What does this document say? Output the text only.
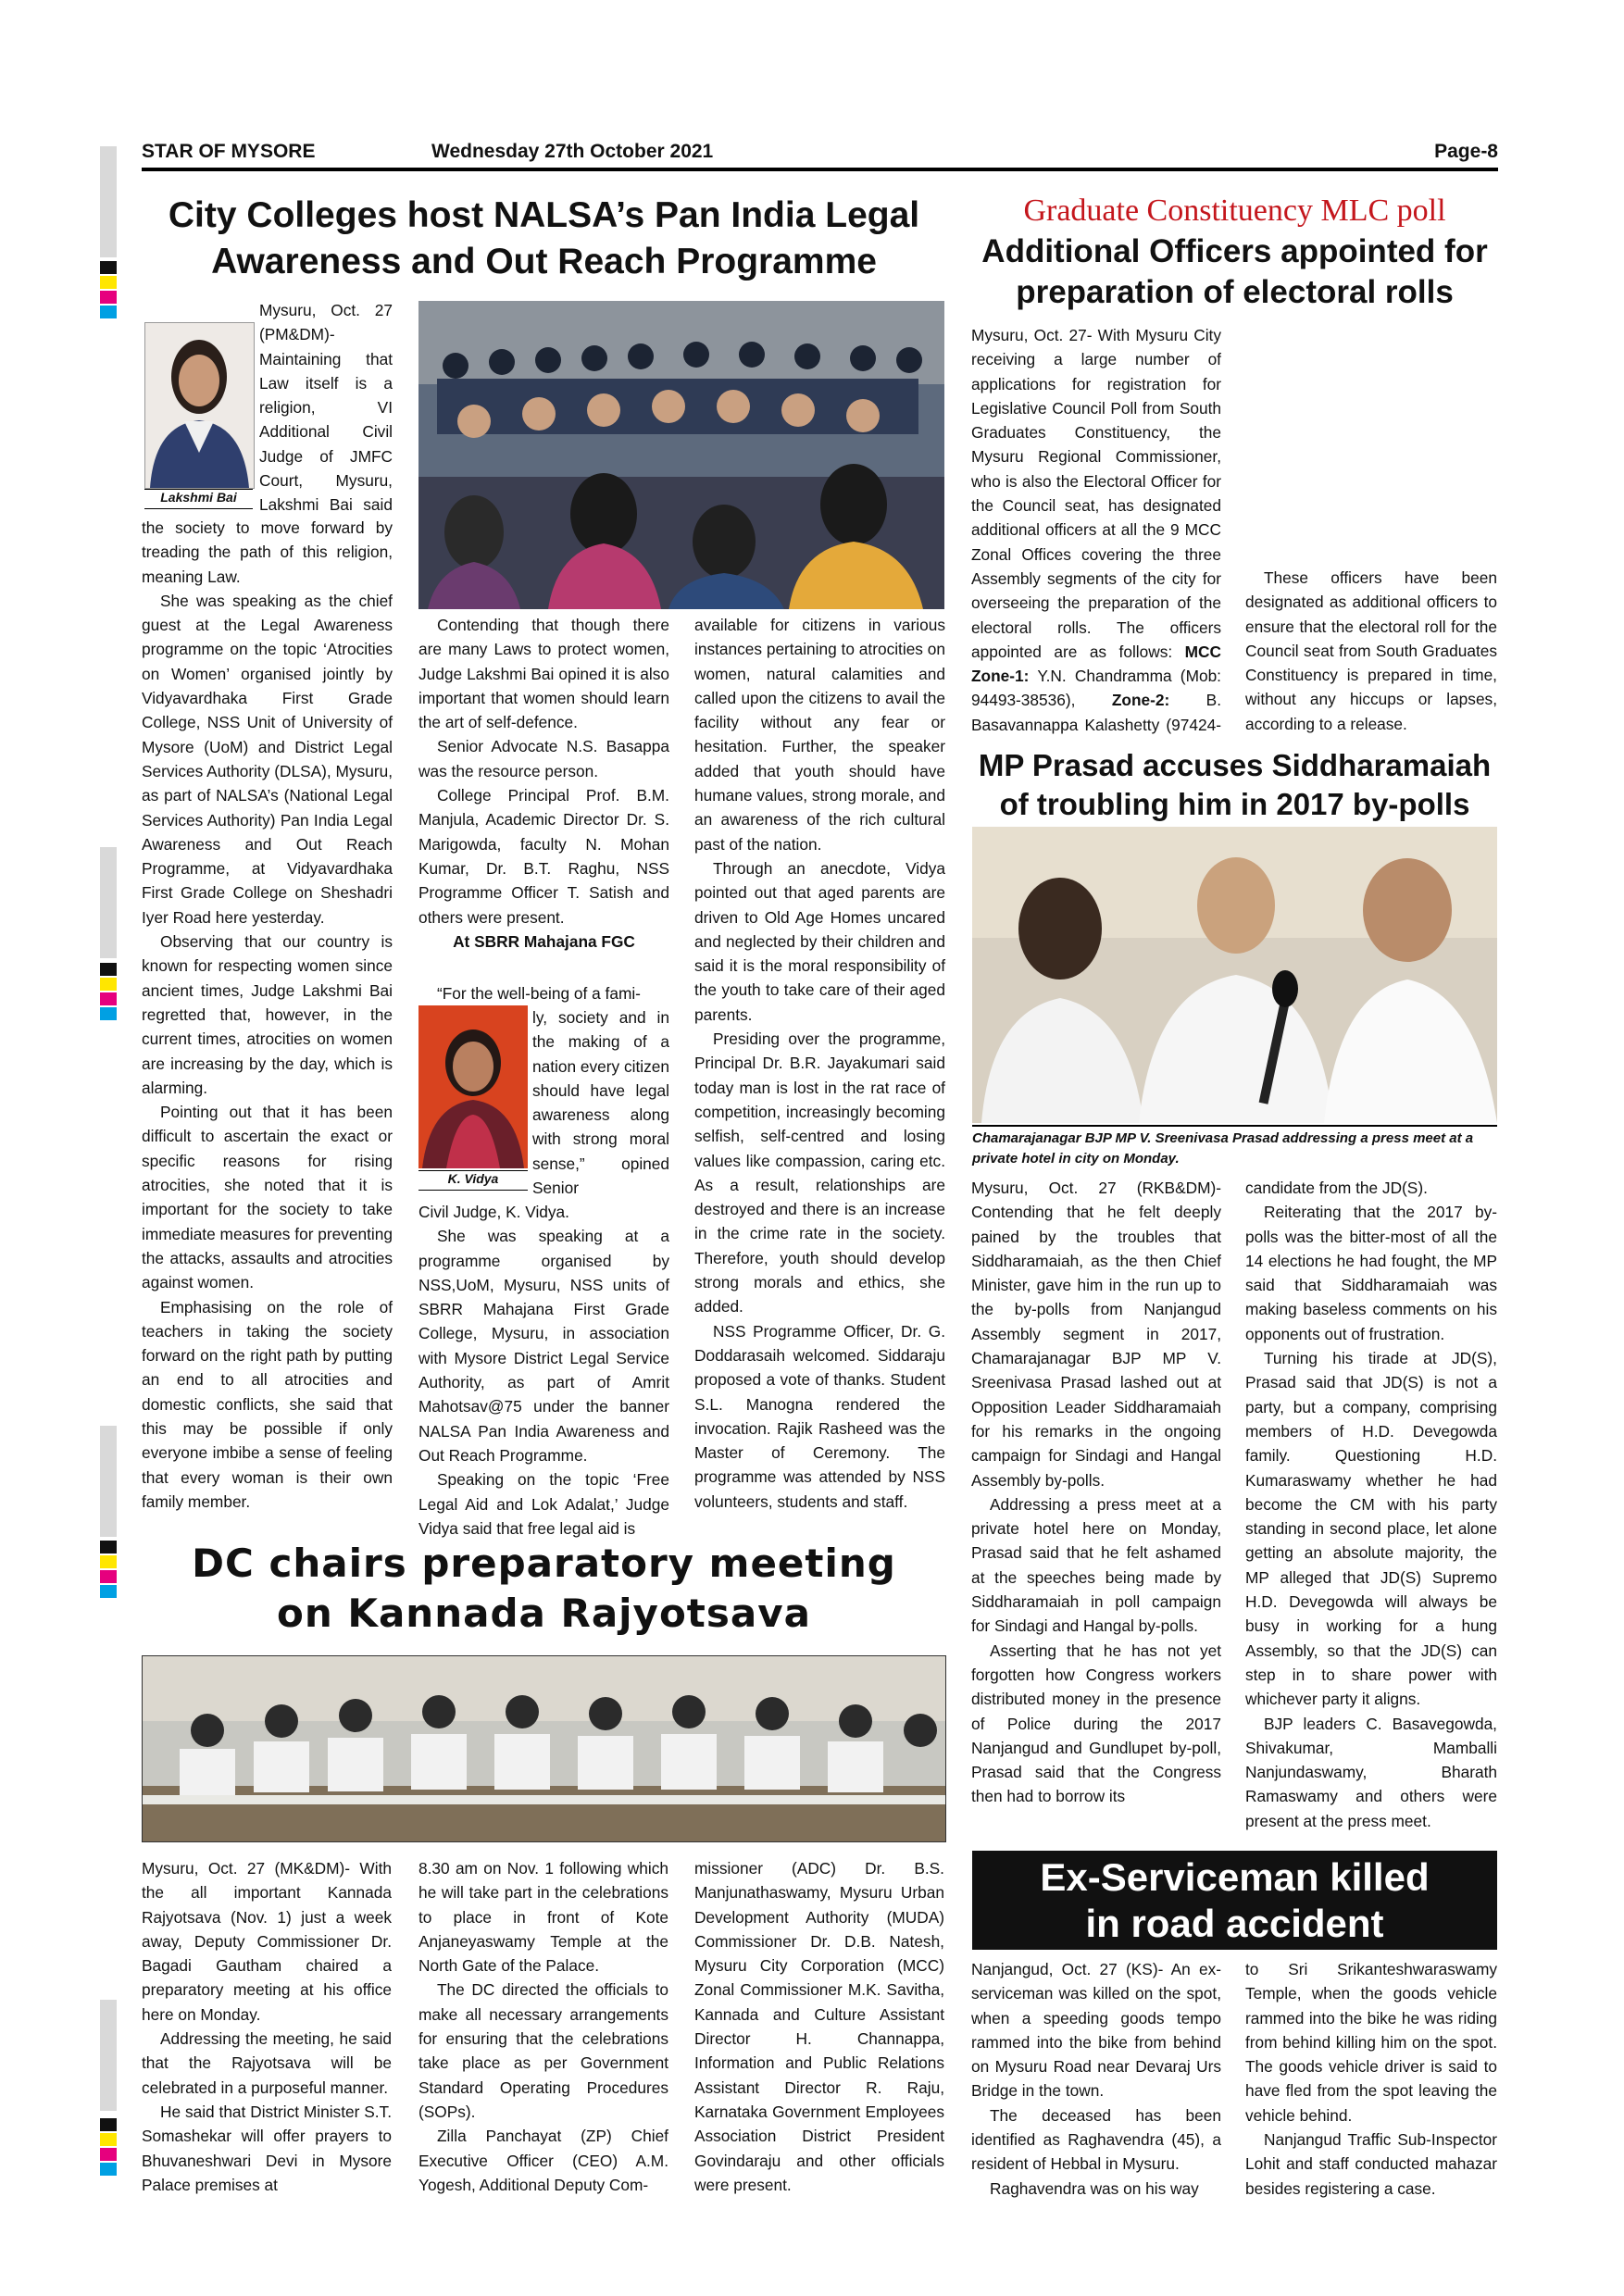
STAR OF MYSORE	Wednesday 27th October 2021	Page-8
City Colleges host NALSA’s Pan India Legal
Awareness and Out Reach Programme
Lakshmi Bai

Mysuru, Oct. 27 (PM&DM)- Maintaining that Law itself is a religion, VI Additional Civil Judge of JMFC Court, Mysuru, Lakshmi Bai said

the society to move forward by treading the path of this religion, meaning Law.

She was speaking as the chief guest at the Legal Awareness programme on the topic ‘Atrocities on Women’ organised jointly by Vidyavardhaka First Grade College, NSS Unit of University of Mysore (UoM) and District Legal Services Authority (DLSA), Mysuru, as part of NALSA’s (National Legal Services Authority) Pan India Legal Awareness and Out Reach Programme, at Vidyavardhaka First Grade College on Sheshadri Iyer Road here yesterday.

Observing that our country is known for respecting women since ancient times, Judge Lakshmi Bai regretted that, however, in the current times, atrocities on women are increasing by the day, which is alarming.

Pointing out that it has been difficult to ascertain the exact or specific reasons for rising atrocities, she noted that it is important for the society to take immediate measures for preventing the attacks, assaults and atrocities against women.

Emphasising on the role of teachers in taking the society forward on the right path by putting an end to all atrocities and domestic conflicts, she said that this may be possible if only everyone imbibe a sense of feeling that every woman is their own family member.

Contending that though there are many Laws to protect women, Judge Lakshmi Bai opined it is also important that women should learn the art of self-defence.

Senior Advocate N.S. Basappa was the resource person.

College Principal Prof. B.M. Manjula, Academic Director Dr. S. Marigowda, faculty N. Mohan Kumar, Dr. B.T. Raghu, NSS Programme Officer T. Satish and others were present.

At SBRR Mahajana FGC

K. Vidya

ly, society and in the making of a nation every citizen should have legal awareness along with strong moral sense,” opined Senior

Civil Judge, K. Vidya.

She was speaking at a programme organised by NSS,UoM, Mysuru, NSS units of SBRR Mahajana First Grade College, Mysuru, in association with Mysore District Legal Service Authority, as part of Amrit Mahotsav@75 under the banner NALSA Pan India Awareness and Out Reach Programme.

Speaking on the topic ‘Free Legal Aid and Lok Adalat,’ Judge Vidya said that free legal aid is

“For the well-being of a fami-

available for citizens in various instances pertaining to atrocities on women, natural calamities and called upon the citizens to avail the facility without any fear or hesitation. Further, the speaker added that youth should have humane values, strong morale, and an awareness of the rich cultural past of the nation.

Through an anecdote, Vidya pointed out that aged parents are driven to Old Age Homes uncared and neglected by their children and said it is the moral responsibility of the youth to take care of their aged parents.

Presiding over the programme, Principal Dr. B.R. Jayakumari said today man is lost in the rat race of competition, increasingly becoming selfish, self-centred and losing values like compassion, caring etc. As a result, relationships are destroyed and there is an increase in the crime rate in the society. Therefore, youth should develop strong morals and ethics, she added.

NSS Programme Officer, Dr. G. Doddarasaih welcomed. Siddaraju proposed a vote of thanks. Student S.L. Manogna rendered the invocation. Rajik Rasheed was the Master of Ceremony. The programme was attended by NSS volunteers, students and staff.

Graduate Constituency MLC poll
Additional Officers appointed for
preparation of electoral rolls

Mysuru, Oct. 27- With Mysuru City receiving a large number of applications for registration for Legislative Council Poll from South Graduates Constituency, the Mysuru Regional Commissioner, who is also the Electoral Officer for the Council seat, has designated additional officers at all the 9 MCC Zonal Offices covering the three Assembly segments of the city for overseeing the preparation of the electoral rolls. The officers appointed are as follows: MCC Zone-1: Y.N. Chandramma (Mob: 94493-38536), Zone-2: B. Basavannappa Kalashetty (97424-

These officers have been designated as additional officers to ensure that the electoral roll for the Council seat from South Graduates Constituency is prepared in time, without any hiccups or lapses, according to a release.

MP Prasad accuses Siddharamaiah
of troubling him in 2017 by-polls
Chamarajanagar BJP MP V. Sreenivasa Prasad addressing a press meet at a private hotel in city on Monday.

Mysuru, Oct. 27 (RKB&DM)- Contending that he felt deeply pained by the troubles that Siddharamaiah, as the then Chief Minister, gave him in the run up to the by-polls from Nanjangud Assembly segment in 2017, Chamarajanagar BJP MP V. Sreenivasa Prasad lashed out at Opposition Leader Siddharamaiah for his remarks in the ongoing campaign for Sindagi and Hangal Assembly by-polls.

Addressing a press meet at a private hotel here on Monday, Prasad said that he felt ashamed at the speeches being made by Siddharamaiah in poll campaign for Sindagi and Hangal by-polls.

Asserting that he has not yet forgotten how Congress workers distributed money in the presence of Police during the 2017 Nanjangud and Gundlupet by-poll, Prasad said that the Congress then had to borrow its

candidate from the JD(S).

Reiterating that the 2017 by-polls was the bitter-most of all the 14 elections he had fought, the MP said that Siddharamaiah was making baseless comments on his opponents out of frustration.

Turning his tirade at JD(S), Prasad said that JD(S) is not a party, but a company, comprising members of H.D. Devegowda family. Questioning H.D. Kumaraswamy whether he had become the CM with his party standing in second place, let alone getting an absolute majority, the MP alleged that JD(S) Supremo H.D. Devegowda will always be busy in working for a hung Assembly, so that the JD(S) can step in to share power with whichever party it aligns.

BJP leaders C. Basavegowda, Shivakumar, Mamballi Nanjundaswamy, Bharath Ramaswamy and others were present at the press meet.

DC chairs preparatory meeting
on Kannada Rajyotsava

Mysuru, Oct. 27 (MK&DM)- With the all important Kannada Rajyotsava (Nov. 1) just a week away, Deputy Commissioner Dr. Bagadi Gautham chaired a preparatory meeting at his office here on Monday.

Addressing the meeting, he said that the Rajyotsava will be celebrated in a purposeful manner.

He said that District Minister S.T. Somashekar will offer prayers to Bhuvaneshwari Devi in Mysore Palace premises at

8.30 am on Nov. 1 following which he will take part in the celebrations to place in front of Kote Anjaneyaswamy Temple at the North Gate of the Palace.

The DC directed the officials to make all necessary arrangements for ensuring that the celebrations take place as per Government Standard Operating Procedures (SOPs).

Zilla Panchayat (ZP) Chief Executive Officer (CEO) A.M. Yogesh, Additional Deputy Com-

missioner (ADC) Dr. B.S. Manjunathaswamy, Mysuru Urban Development Authority (MUDA) Commissioner Dr. D.B. Natesh, Mysuru City Corporation (MCC) Zonal Commissioner M.K. Savitha, Kannada and Culture Assistant Director H. Channappa, Information and Public Relations Assistant Director R. Raju, Karnataka Government Employees Association District President Govindaraju and other officials were present.

Ex-Serviceman killed
in road accident

Nanjangud, Oct. 27 (KS)- An ex-serviceman was killed on the spot, when a speeding goods tempo rammed into the bike from behind on Mysuru Road near Devaraj Urs Bridge in the town.

The deceased has been identified as Raghavendra (45), a resident of Hebbal in Mysuru.

Raghavendra was on his way

to Sri Srikanteshwaraswamy Temple, when the goods vehicle rammed into the bike he was riding from behind killing him on the spot. The goods vehicle driver is said to have fled from the spot leaving the vehicle behind.

Nanjangud Traffic Sub-Inspector Lohit and staff conducted mahazar besides registering a case.
